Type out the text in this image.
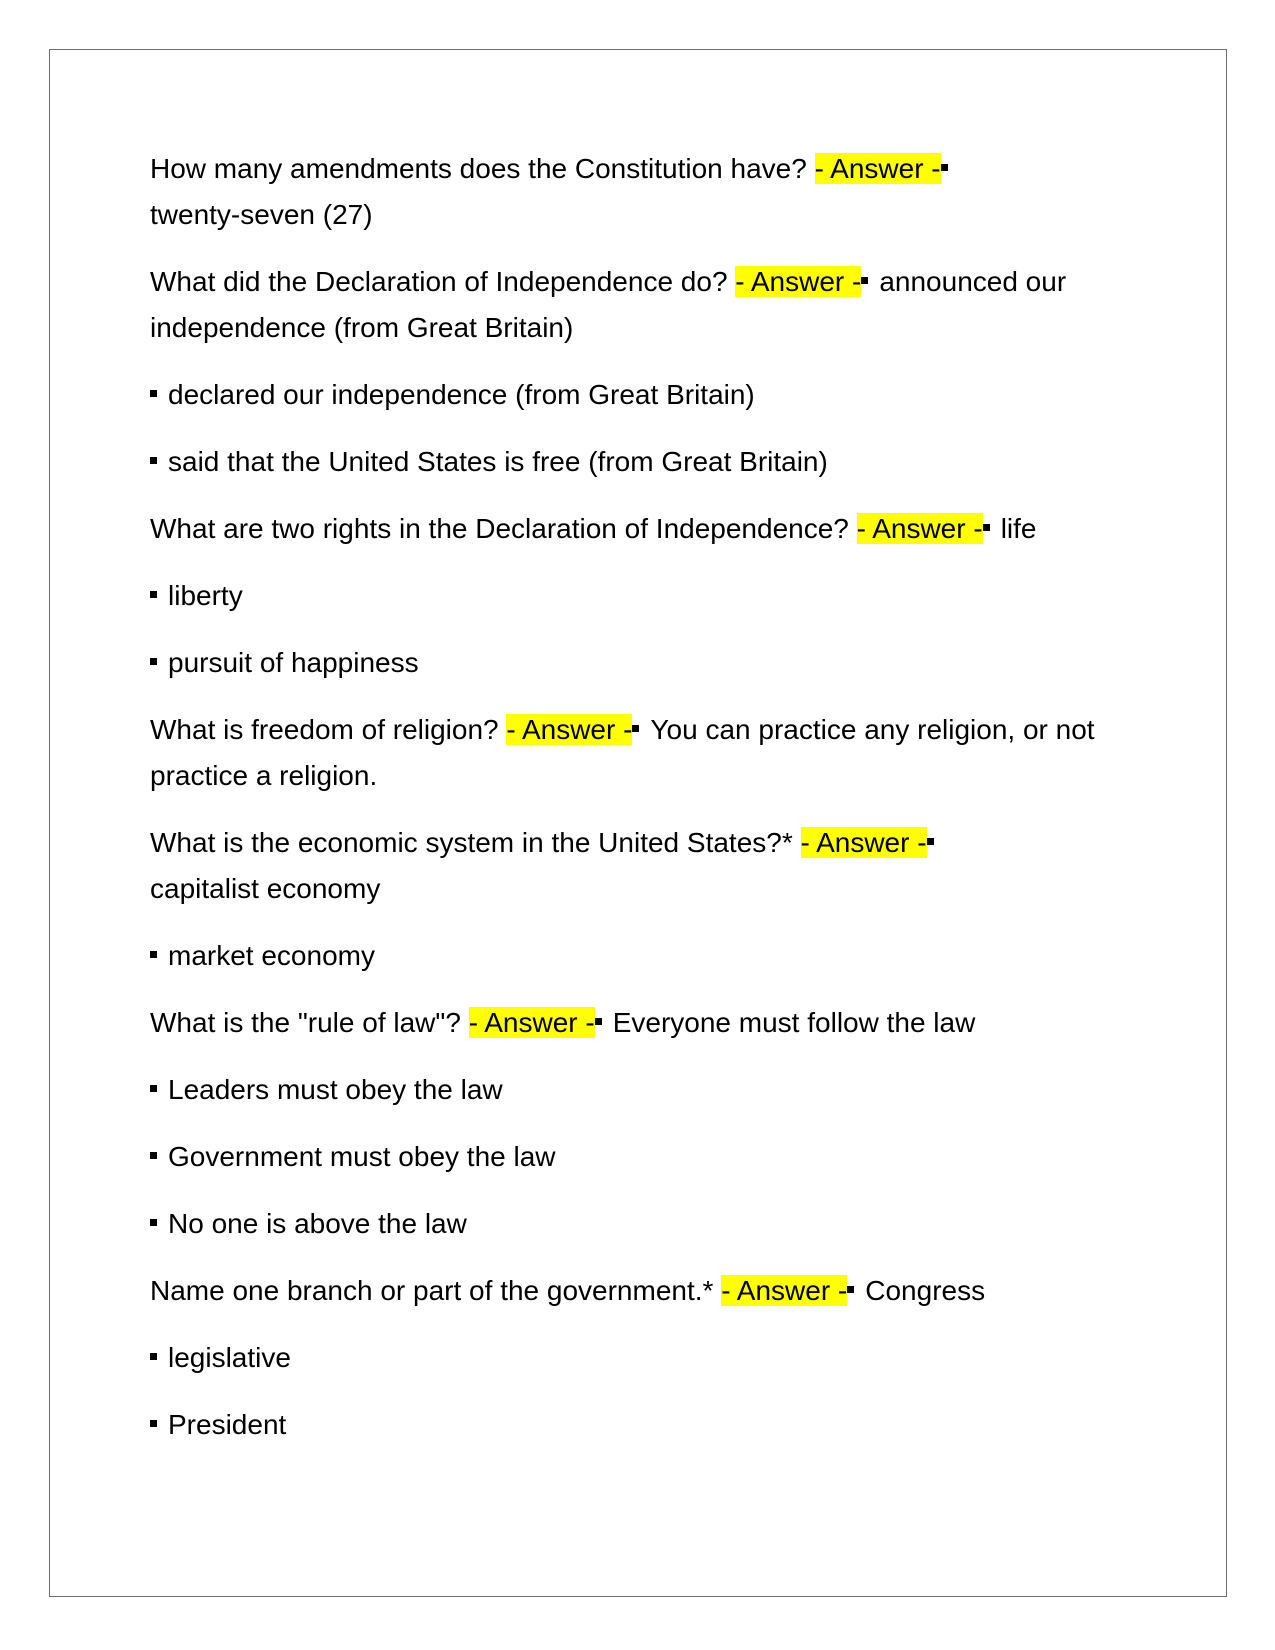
How many amendments does the Constitution have? - Answer -
twenty-seven (27)

What did the Declaration of Independence do? - Answer - announced our independence (from Great Britain)

declared our independence (from Great Britain)

said that the United States is free (from Great Britain)

What are two rights in the Declaration of Independence? - Answer - life

liberty

pursuit of happiness

What is freedom of religion? - Answer - You can practice any religion, or not practice a religion.

What is the economic system in the United States?* - Answer -
capitalist economy

market economy

What is the "rule of law"? - Answer - Everyone must follow the law

Leaders must obey the law

Government must obey the law

No one is above the law

Name one branch or part of the government.* - Answer - Congress

legislative

President
